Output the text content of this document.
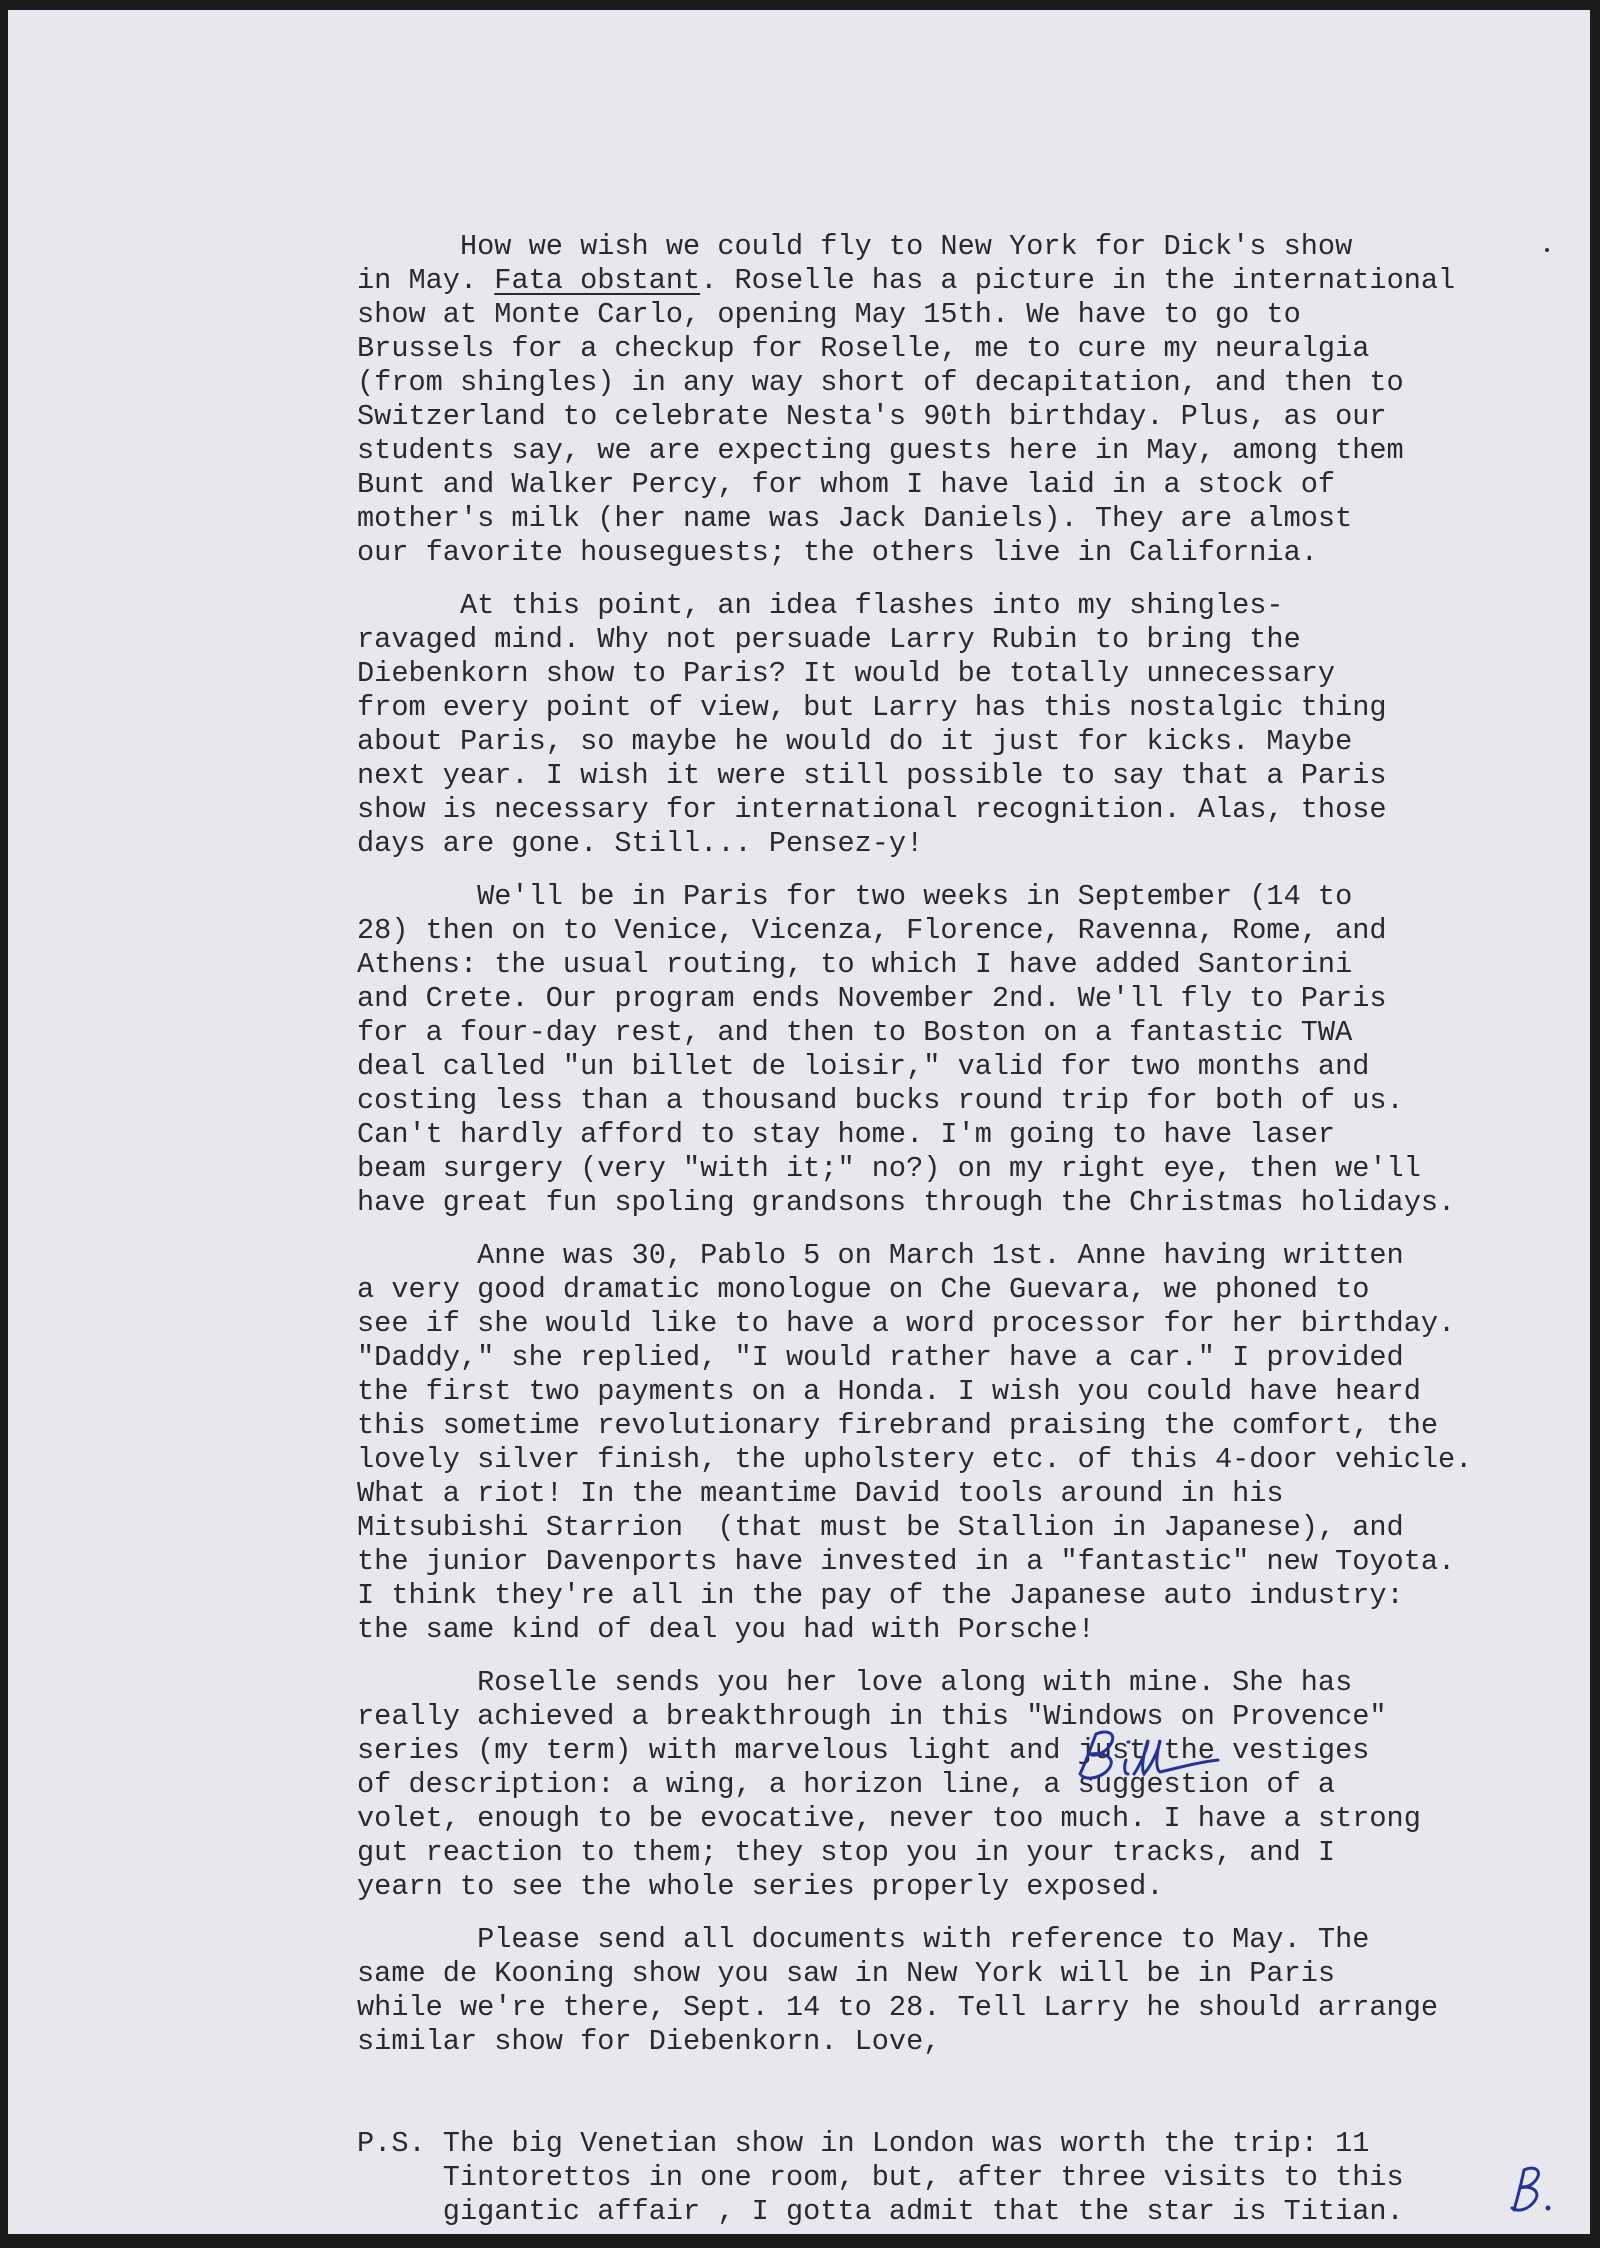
How we wish we could fly to New York for Dick's show
in May. Fata obstant. Roselle has a picture in the international
show at Monte Carlo, opening May 15th. We have to go to
Brussels for a checkup for Roselle, me to cure my neuralgia
(from shingles) in any way short of decapitation, and then to
Switzerland to celebrate Nesta's 90th birthday. Plus, as our
students say, we are expecting guests here in May, among them
Bunt and Walker Percy, for whom I have laid in a stock of
mother's milk (her name was Jack Daniels). They are almost
our favorite houseguests; the others live in California.
At this point, an idea flashes into my shingles-
ravaged mind. Why not persuade Larry Rubin to bring the
Diebenkorn show to Paris? It would be totally unnecessary
from every point of view, but Larry has this nostalgic thing
about Paris, so maybe he would do it just for kicks. Maybe
next year. I wish it were still possible to say that a Paris
show is necessary for international recognition. Alas, those
days are gone. Still... Pensez-y!
We'll be in Paris for two weeks in September (14 to
28) then on to Venice, Vicenza, Florence, Ravenna, Rome, and
Athens: the usual routing, to which I have added Santorini
and Crete. Our program ends November 2nd. We'll fly to Paris
for a four-day rest, and then to Boston on a fantastic TWA
deal called "un billet de loisir," valid for two months and
costing less than a thousand bucks round trip for both of us.
Can't hardly afford to stay home. I'm going to have laser
beam surgery (very "with it;" no?) on my right eye, then we'll
have great fun spoling grandsons through the Christmas holidays.
Anne was 30, Pablo 5 on March 1st. Anne having written
a very good dramatic monologue on Che Guevara, we phoned to
see if she would like to have a word processor for her birthday.
"Daddy," she replied, "I would rather have a car." I provided
the first two payments on a Honda. I wish you could have heard
this sometime revolutionary firebrand praising the comfort, the
lovely silver finish, the upholstery etc. of this 4-door vehicle.
What a riot! In the meantime David tools around in his
Mitsubishi Starrion  (that must be Stallion in Japanese), and
the junior Davenports have invested in a "fantastic" new Toyota.
I think they're all in the pay of the Japanese auto industry:
the same kind of deal you had with Porsche!
Roselle sends you her love along with mine. She has
really achieved a breakthrough in this "Windows on Provence"
series (my term) with marvelous light and just the vestiges
of description: a wing, a horizon line, a suggestion of a
volet, enough to be evocative, never too much. I have a strong
gut reaction to them; they stop you in your tracks, and I
yearn to see the whole series properly exposed.
Please send all documents with reference to May. The
same de Kooning show you saw in New York will be in Paris
while we're there, Sept. 14 to 28. Tell Larry he should arrange
similar show for Diebenkorn. Love,
P.S. The big Venetian show in London was worth the trip: 11
Tintorettos in one room, but, after three visits to this
gigantic affair , I gotta admit that the star is Titian.
